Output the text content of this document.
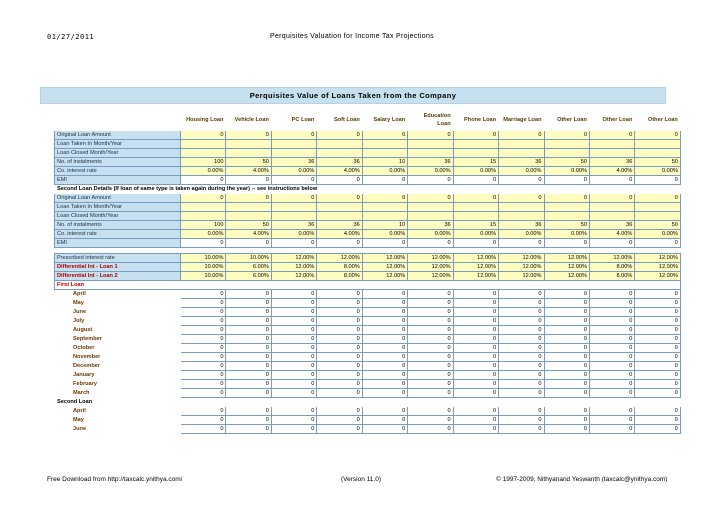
01/27/2011	Perquisites Valuation for Income Tax Projections
Perquisites Value of Loans Taken from the Company
	Housing Loan	Vehicle Loan	PC Loan	Soft Loan	Salary Loan	Education Loan	Phone Loan	Marriage Loan	Other Loan	Other Loan	Other Loan
Original Loan Amount	0	0	0	0	0	0	0	0	0	0	0
Loan Taken In Month/Year											
Loan Closed Month/Year											
No. of instalments	100	50	36	36	10	36	15	36	50	36	50
Co. interest rate	0.00%	4.00%	0.00%	4.00%	0.00%	0.00%	0.00%	0.00%	0.00%	4.00%	0.00%
EMI	0	0	0	0	0	0	0	0	0	0	0
Second Loan Details (If loan of same type is taken again during the year) -- see instructions below											
Original Loan Amount	0	0	0	0	0	0	0	0	0	0	0
Loan Taken In Month/Year											
Loan Closed Month/Year											
No. of instalments	100	50	36	36	10	36	15	36	50	36	50
Co. interest rate	0.00%	4.00%	0.00%	4.00%	0.00%	0.00%	0.00%	0.00%	0.00%	4.00%	0.00%
EMI	0	0	0	0	0	0	0	0	0	0	0

Prescribed interest rate	10.00%	10.00%	12.00%	12.00%	12.00%	12.00%	12.00%	12.00%	12.00%	12.00%	12.00%
Differential Int - Loan 1	10.00%	6.00%	12.00%	8.00%	12.00%	12.00%	12.00%	12.00%	12.00%	8.00%	12.00%
Differential Int - Loan 2	10.00%	6.00%	12.00%	8.00%	12.00%	12.00%	12.00%	12.00%	12.00%	8.00%	12.00%
First Loan											
April	0	0	0	0	0	0	0	0	0	0	0
May	0	0	0	0	0	0	0	0	0	0	0
June	0	0	0	0	0	0	0	0	0	0	0
July	0	0	0	0	0	0	0	0	0	0	0
August	0	0	0	0	0	0	0	0	0	0	0
September	0	0	0	0	0	0	0	0	0	0	0
October	0	0	0	0	0	0	0	0	0	0	0
November	0	0	0	0	0	0	0	0	0	0	0
December	0	0	0	0	0	0	0	0	0	0	0
January	0	0	0	0	0	0	0	0	0	0	0
February	0	0	0	0	0	0	0	0	0	0	0
March	0	0	0	0	0	0	0	0	0	0	0
Second Loan											
April	0	0	0	0	0	0	0	0	0	0	0
May	0	0	0	0	0	0	0	0	0	0	0
June	0	0	0	0	0	0	0	0	0	0	0
Free Download from http://taxcalc.ynithya.com/	(Version 11.0)	© 1997-2009, Nithyanand Yeswanth (taxcalc@ynithya.com)
